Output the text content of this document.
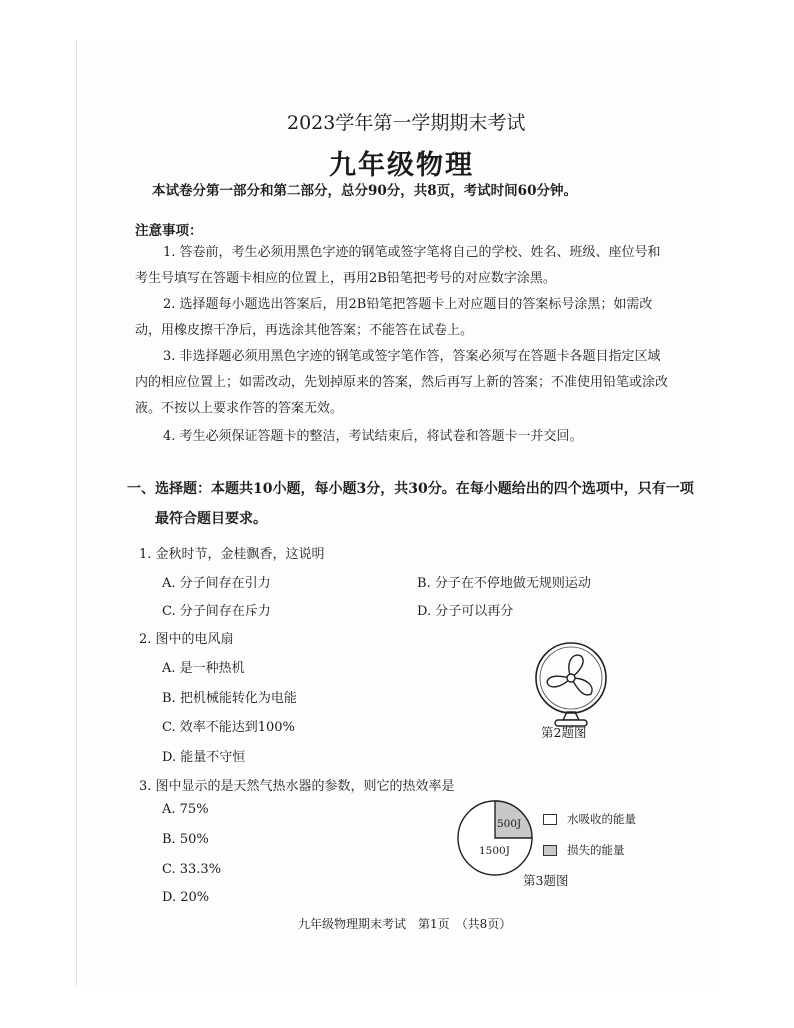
2023学年第一学期期末考试
九年级物理
本试卷分第一部分和第二部分，总分90分，共8页，考试时间60分钟。
注意事项：
1. 答卷前，考生必须用黑色字迹的钢笔或签字笔将自己的学校、姓名、班级、座位号和
考生号填写在答题卡相应的位置上，再用2B铅笔把考号的对应数字涂黑。
2. 选择题每小题选出答案后，用2B铅笔把答题卡上对应题目的答案标号涂黑；如需改
动，用橡皮擦干净后，再选涂其他答案；不能答在试卷上。
3. 非选择题必须用黑色字迹的钢笔或签字笔作答，答案必须写在答题卡各题目指定区域
内的相应位置上；如需改动，先划掉原来的答案，然后再写上新的答案；不准使用铅笔或涂改
液。不按以上要求作答的答案无效。
4. 考生必须保证答题卡的整洁，考试结束后，将试卷和答题卡一并交回。
一、选择题：本题共10小题，每小题3分，共30分。在每小题给出的四个选项中，只有一项
最符合题目要求。
1. 金秋时节，金桂飘香，这说明
A. 分子间存在引力	B. 分子在不停地做无规则运动
C. 分子间存在斥力	D. 分子可以再分
2. 图中的电风扇
A. 是一种热机
B. 把机械能转化为电能
C. 效率不能达到100%
D. 能量不守恒
第2题图
3. 图中显示的是天然气热水器的参数，则它的热效率是
A. 75%
B. 50%
C. 33.3%
D. 20%
500J
1500J
水吸收的能量
损失的能量
第3题图
九年级物理期末考试　第1页　（共8页）
